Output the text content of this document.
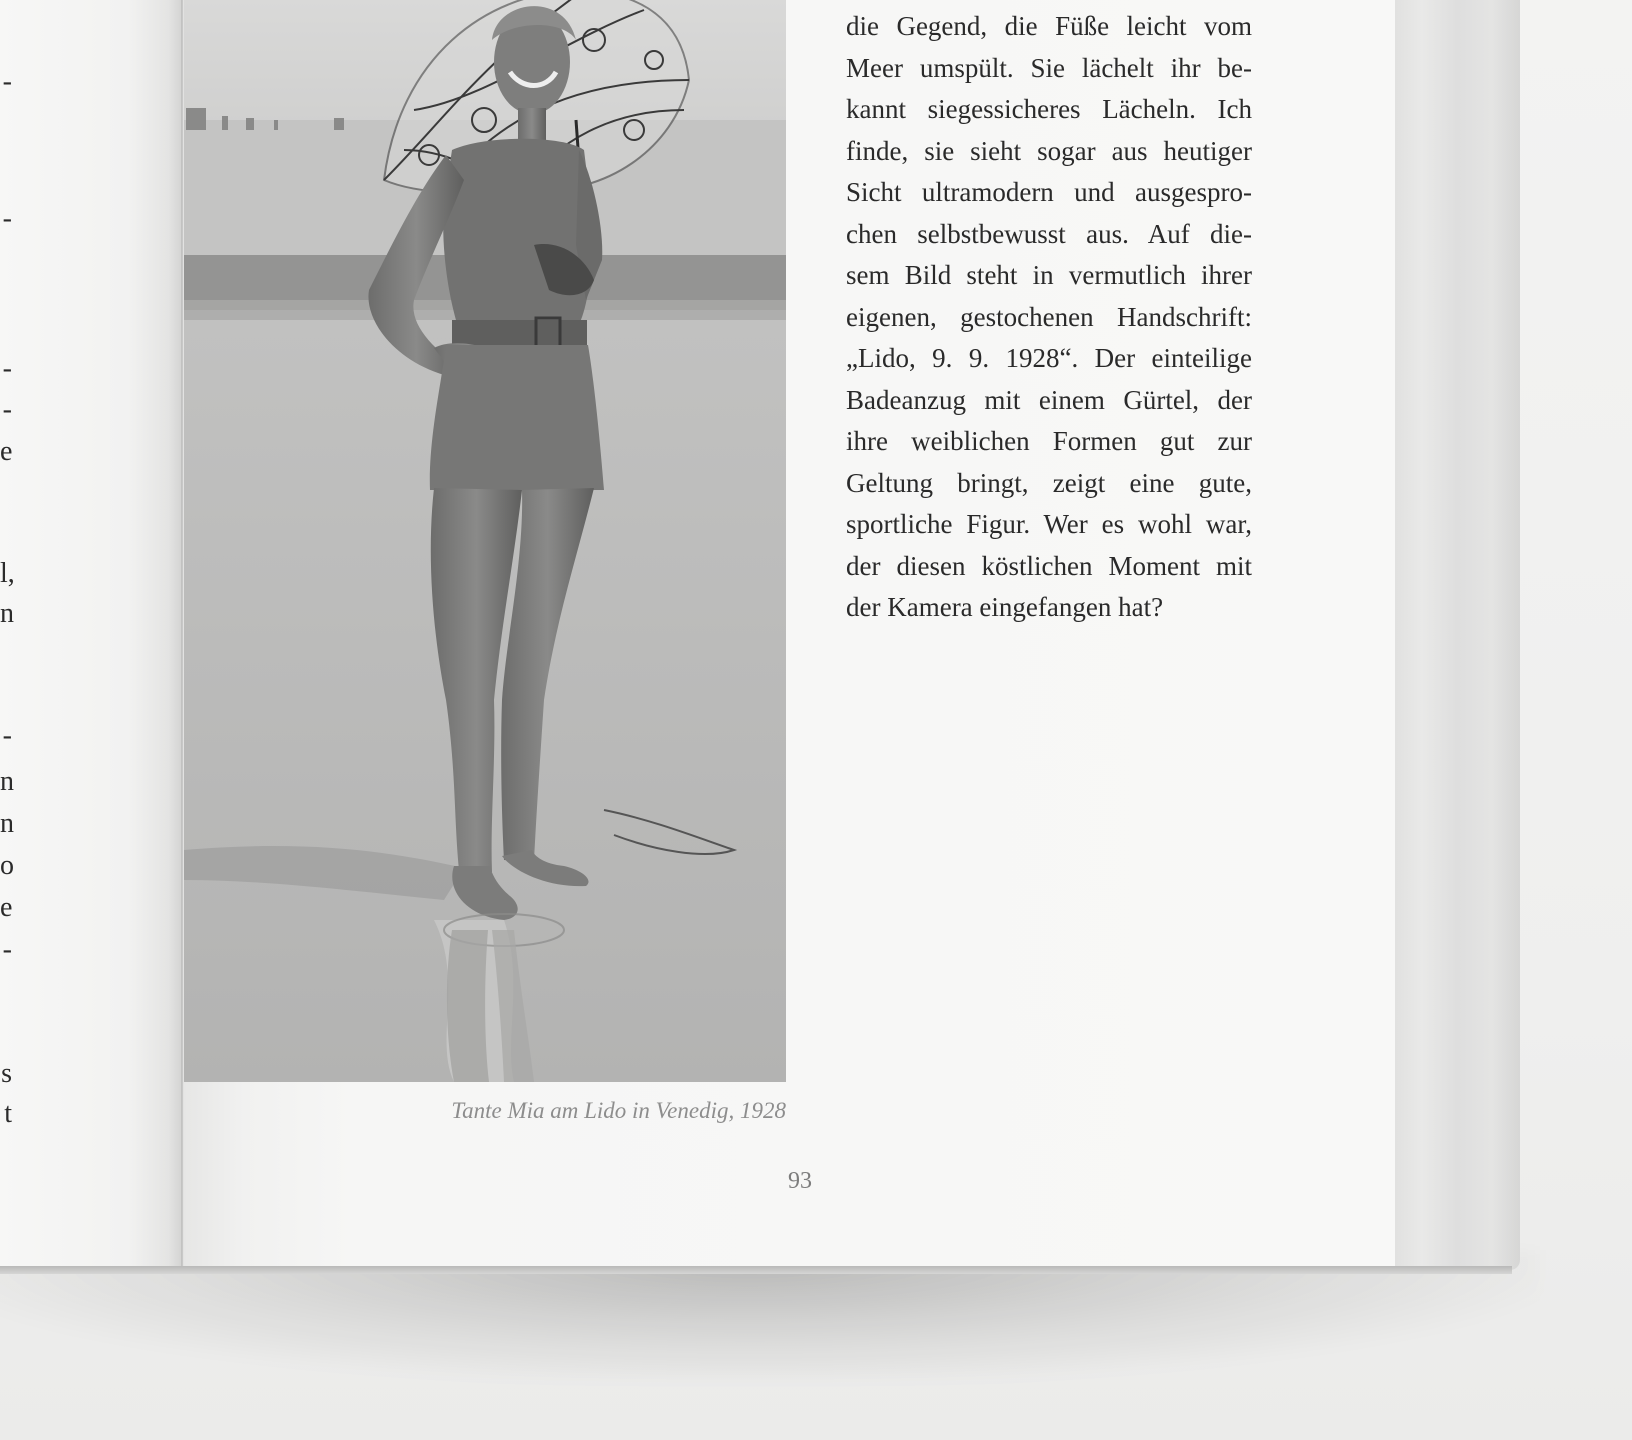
-
-
-
-
e
l,
n
-
n
n
o
e
-
s
t
die Gegend, die Füße leicht vom
Meer umspült. Sie lächelt ihr be-
kannt siegessicheres Lächeln. Ich
finde, sie sieht sogar aus heutiger
Sicht ultramodern und ausgespro-
chen selbstbewusst aus. Auf die-
sem Bild steht in vermutlich ihrer
eigenen, gestochenen Handschrift:
„Lido, 9. 9. 1928“. Der einteilige
Badeanzug mit einem Gürtel, der
ihre weiblichen Formen gut zur
Geltung bringt, zeigt eine gute,
sportliche Figur. Wer es wohl war,
der diesen köstlichen Moment mit
der Kamera eingefangen hat?
Tante Mia am Lido in Venedig, 1928
93
